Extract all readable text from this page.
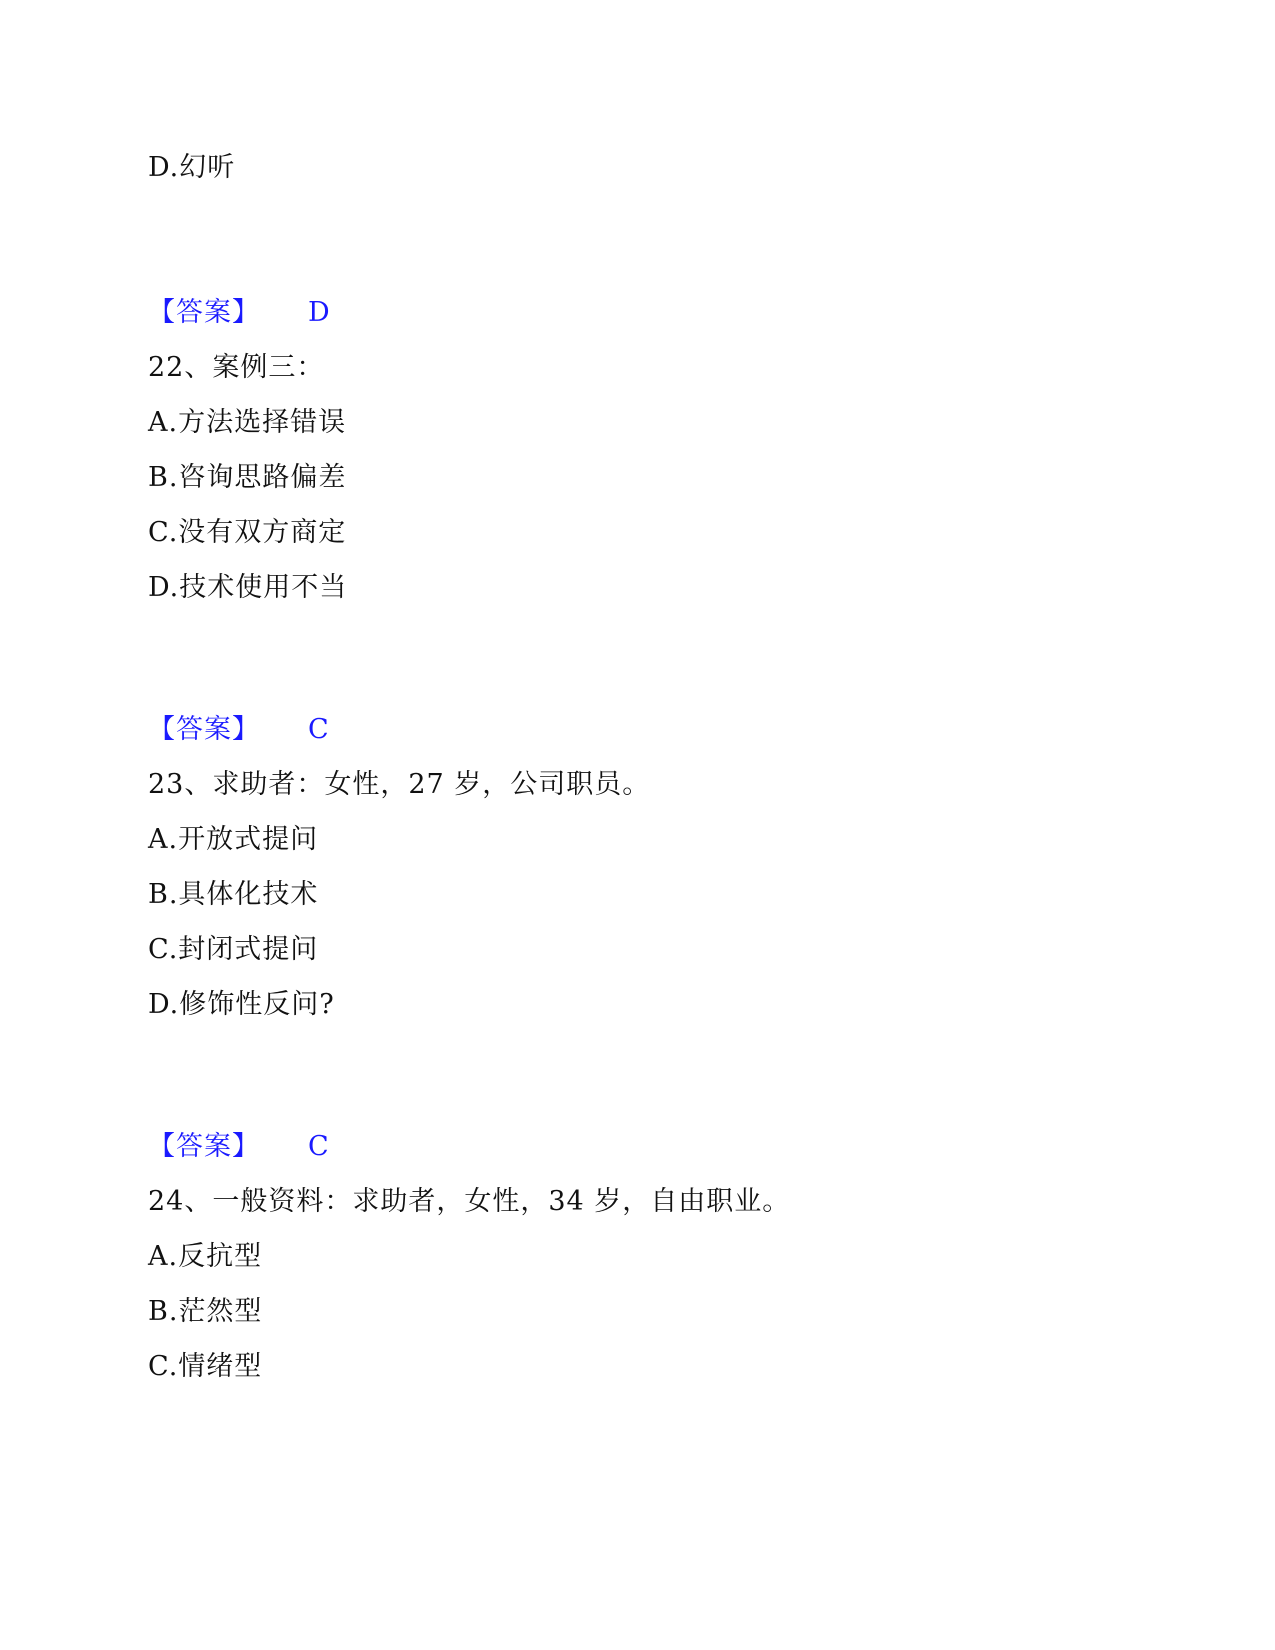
D.幻听
【答案】 D
22、案例三：
A.方法选择错误
B.咨询思路偏差
C.没有双方商定
D.技术使用不当
【答案】 C
23、求助者：女性，27 岁，公司职员。
A.开放式提问
B.具体化技术
C.封闭式提问
D.修饰性反问?
【答案】 C
24、一般资料：求助者，女性，34 岁，自由职业。
A.反抗型
B.茫然型
C.情绪型
